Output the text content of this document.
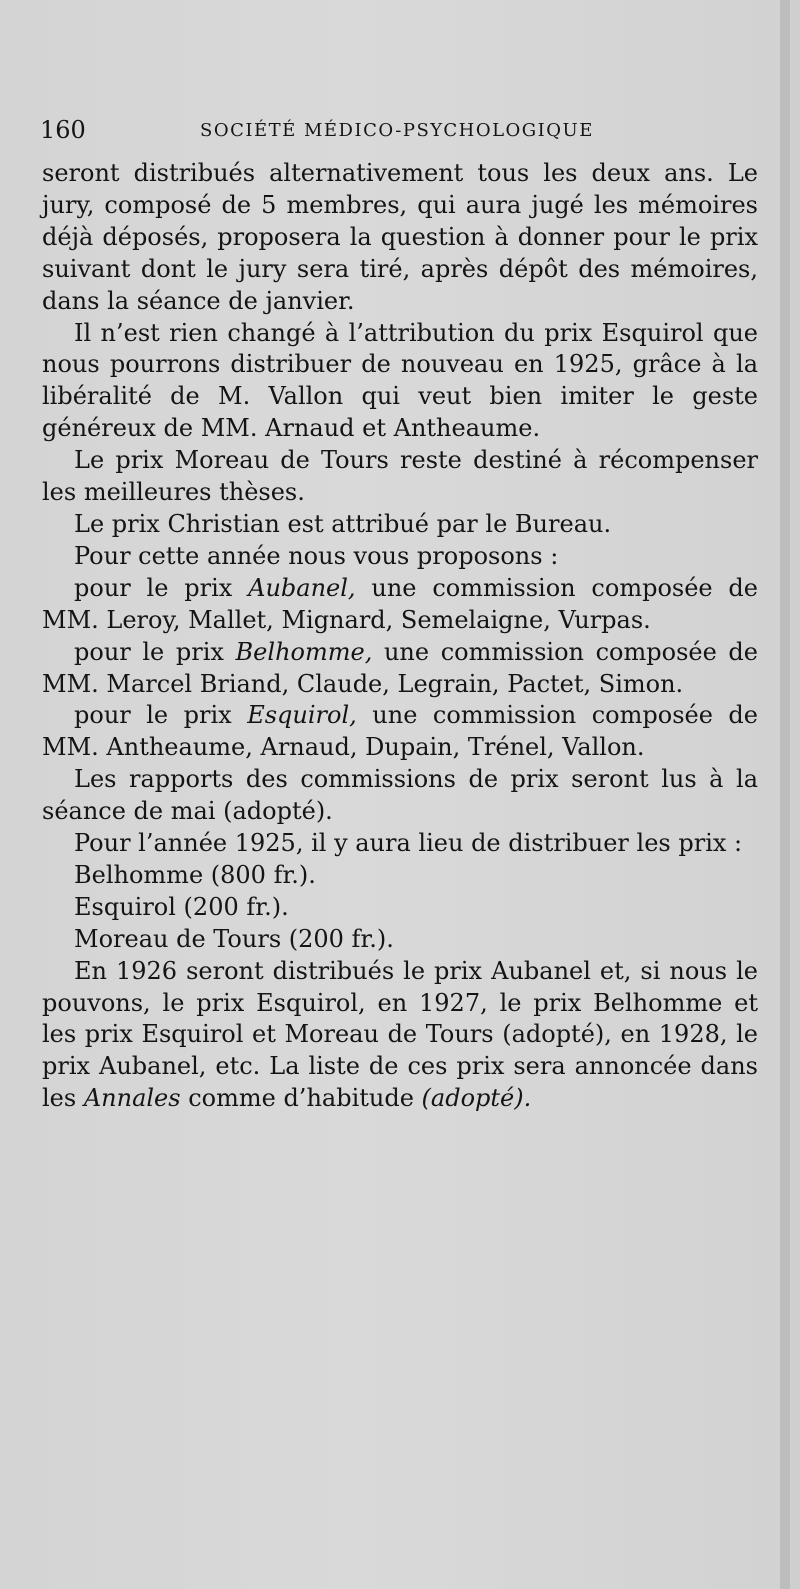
160	SOCIÉTÉ MÉDICO-PSYCHOLOGIQUE

seront distribués alternativement tous les deux ans. Le jury, composé de 5 membres, qui aura jugé les mémoires déjà déposés, proposera la question à donner pour le prix suivant dont le jury sera tiré, après dépôt des mémoires, dans la séance de janvier.

Il n’est rien changé à l’attribution du prix Esquirol que nous pourrons distribuer de nouveau en 1925, grâce à la libéralité de M. Vallon qui veut bien imiter le geste généreux de MM. Arnaud et Antheaume.

Le prix Moreau de Tours reste destiné à récompenser les meilleures thèses.

Le prix Christian est attribué par le Bureau.

Pour cette année nous vous proposons :

pour le prix Aubanel, une commission composée de MM. Leroy, Mallet, Mignard, Semelaigne, Vurpas.

pour le prix Belhomme, une commission composée de MM. Marcel Briand, Claude, Legrain, Pactet, Simon.

pour le prix Esquirol, une commission composée de MM. Antheaume, Arnaud, Dupain, Trénel, Vallon.

Les rapports des commissions de prix seront lus à la séance de mai (adopté).

Pour l’année 1925, il y aura lieu de distribuer les prix :

Belhomme (800 fr.).

Esquirol (200 fr.).

Moreau de Tours (200 fr.).

En 1926 seront distribués le prix Aubanel et, si nous le pouvons, le prix Esquirol, en 1927, le prix Belhomme et les prix Esquirol et Moreau de Tours (adopté), en 1928, le prix Aubanel, etc. La liste de ces prix sera annoncée dans les Annales comme d’habitude (adopté).
